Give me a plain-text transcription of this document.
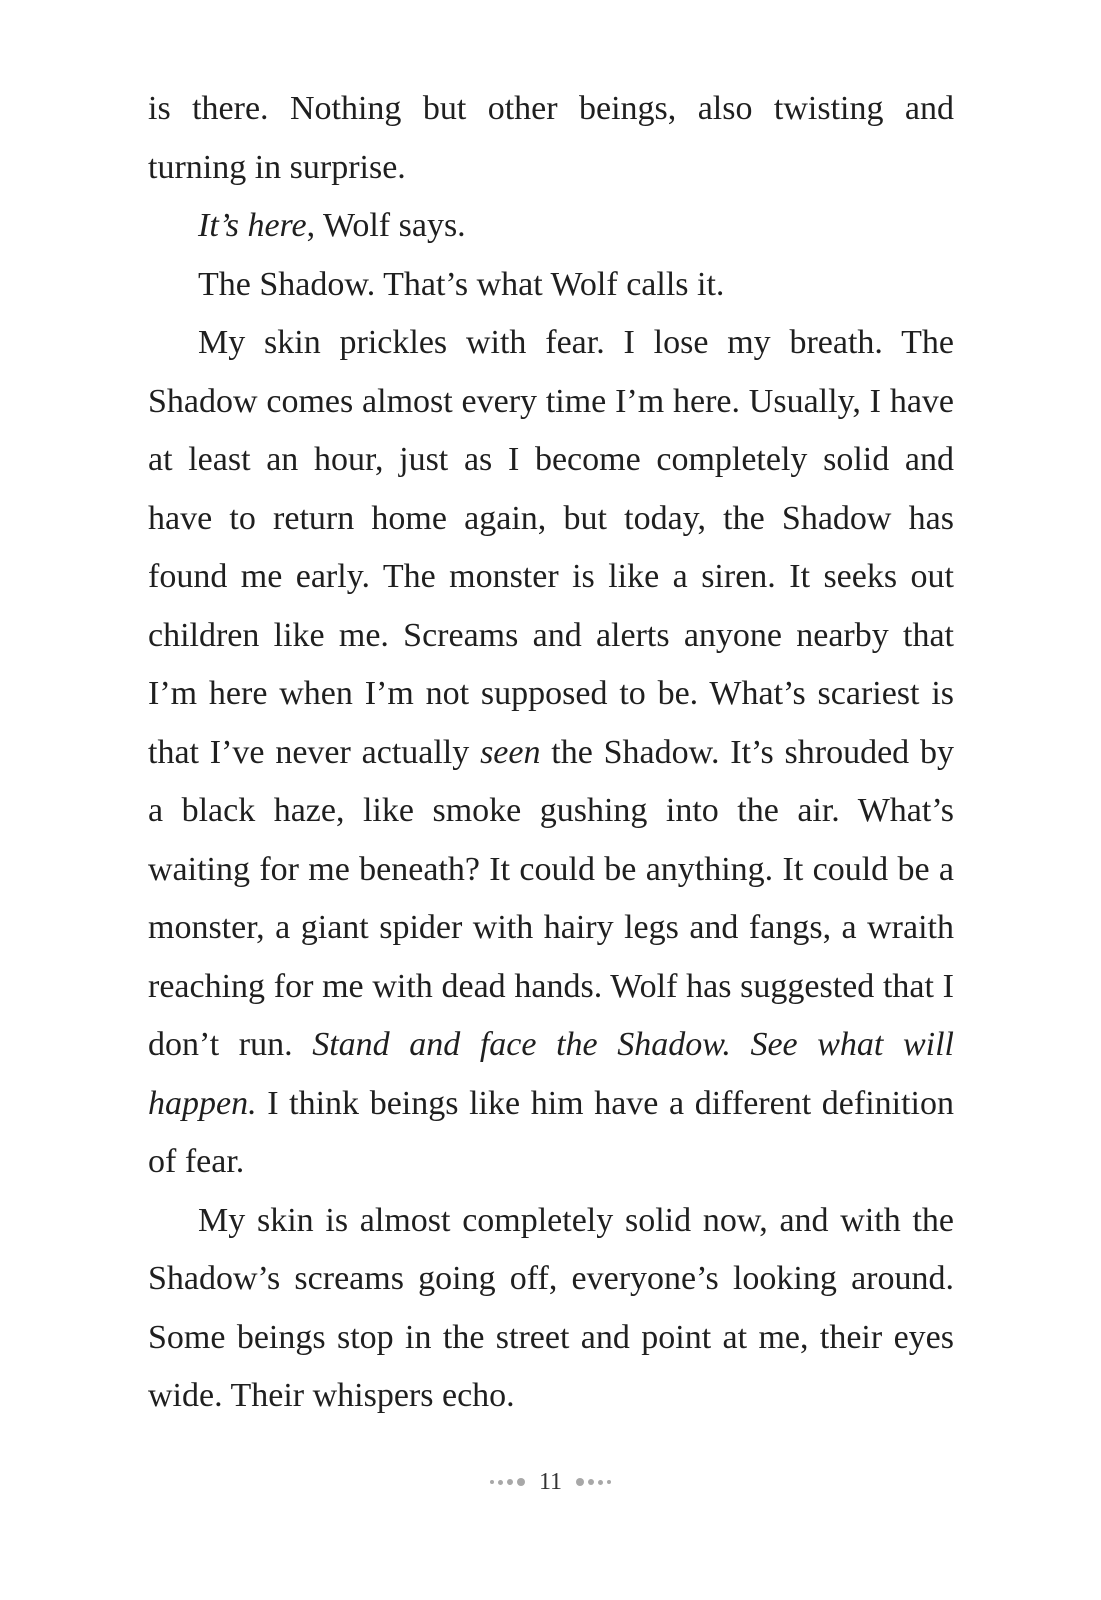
is there. Nothing but other beings, also twisting and turning in surprise.

It’s here, Wolf says.

The Shadow. That’s what Wolf calls it.

My skin prickles with fear. I lose my breath. The Shadow comes almost every time I’m here. Usually, I have at least an hour, just as I become completely solid and have to return home again, but today, the Shadow has found me early. The monster is like a siren. It seeks out children like me. Screams and alerts anyone nearby that I’m here when I’m not supposed to be. What’s scariest is that I’ve never actually seen the Shadow. It’s shrouded by a black haze, like smoke gushing into the air. What’s waiting for me beneath? It could be anything. It could be a monster, a giant spider with hairy legs and fangs, a wraith reaching for me with dead hands. Wolf has suggested that I don’t run. Stand and face the Shadow. See what will happen. I think beings like him have a different definition of fear.

My skin is almost completely solid now, and with the Shadow’s screams going off, everyone’s looking around. Some beings stop in the street and point at me, their eyes wide. Their whispers echo.

11
